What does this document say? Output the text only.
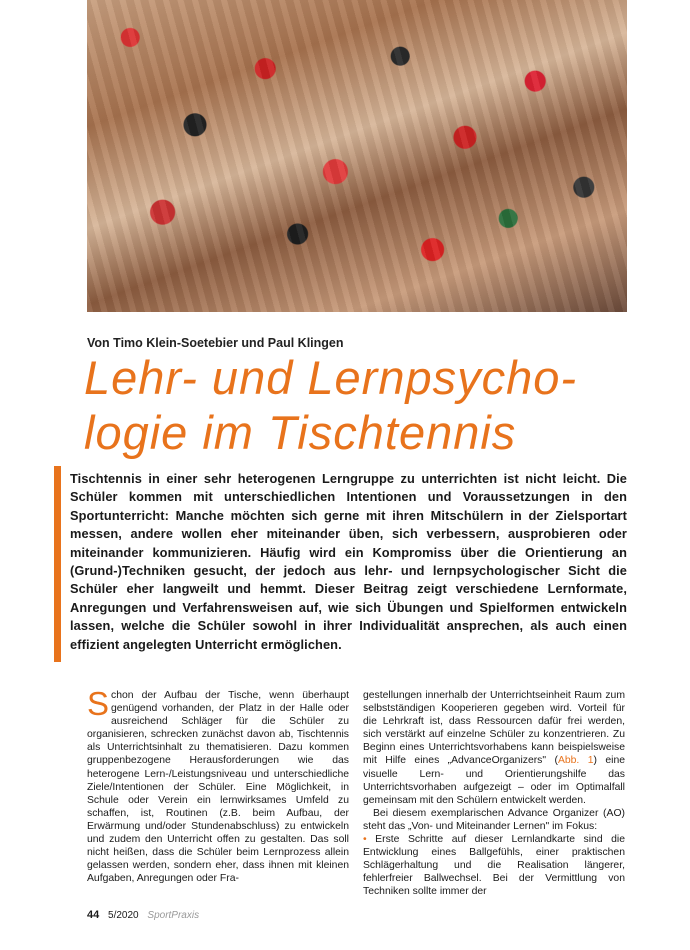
Von Timo Klein-Soetebier und Paul Klingen
Lehr- und Lernpsycho-
logie im Tischtennis

Tischtennis in einer sehr heterogenen Lerngruppe zu unterrichten ist nicht leicht. Die Schüler kommen mit unterschiedlichen Intentionen und Voraussetzungen in den Sportunterricht: Manche möchten sich gerne mit ihren Mitschülern in der Zielsportart messen, andere wollen eher miteinander üben, sich verbessern, ausprobieren oder miteinander kommunizieren. Häufig wird ein Kompromiss über die Orientierung an (Grund-)Techniken gesucht, der jedoch aus lehr- und lernpsychologischer Sicht die Schüler eher langweilt und hemmt. Dieser Beitrag zeigt verschiedene Lernformate, Anregungen und Verfahrensweisen auf, wie sich Übungen und Spielformen entwickeln lassen, welche die Schüler sowohl in ihrer Individualität ansprechen, als auch einen effizient angelegten Unterricht ermöglichen.

S chon der Aufbau der Tische, wenn überhaupt genügend vorhanden, der Platz in der Halle oder ausreichend Schläger für die Schüler zu organisieren, schrecken zunächst davon ab, Tischtennis als Unterrichtsinhalt zu thematisieren. Dazu kommen gruppenbezogene Herausforderungen wie das heterogene Lern-/Leistungsniveau und unterschiedliche Ziele/Intentionen der Schüler. Eine Möglichkeit, in Schule oder Verein ein lernwirksames Umfeld zu schaffen, ist, Routinen (z.B. beim Aufbau, der Erwärmung und/oder Stundenabschluss) zu entwickeln und zudem den Unterricht offen zu gestalten. Das soll nicht heißen, dass die Schüler beim Lernprozess allein gelassen werden, sondern eher, dass ihnen mit kleinen Aufgaben, Anregungen oder Fra-

gestellungen innerhalb der Unterrichtseinheit Raum zum selbstständigen Kooperieren gegeben wird. Vorteil für die Lehrkraft ist, dass Ressourcen dafür frei werden, sich verstärkt auf einzelne Schüler zu konzentrieren. Zu Beginn eines Unterrichtsvorhabens kann beispielsweise mit Hilfe eines „AdvanceOrganizers" (Abb. 1) eine visuelle Lern- und Orientierungshilfe das Unterrichtsvorhaben aufgezeigt – oder im Optimalfall gemeinsam mit den Schülern entwickelt werden.

Bei diesem exemplarischen Advance Organizer (AO) steht das „Von- und Miteinander Lernen" im Fokus:

• Erste Schritte auf dieser Lernlandkarte sind die Entwicklung eines Ballgefühls, einer praktischen Schlägerhaltung und die Realisation längerer, fehlerfreier Ballwechsel. Bei der Vermittlung von Techniken sollte immer der

44 5/2020 SportPraxis
